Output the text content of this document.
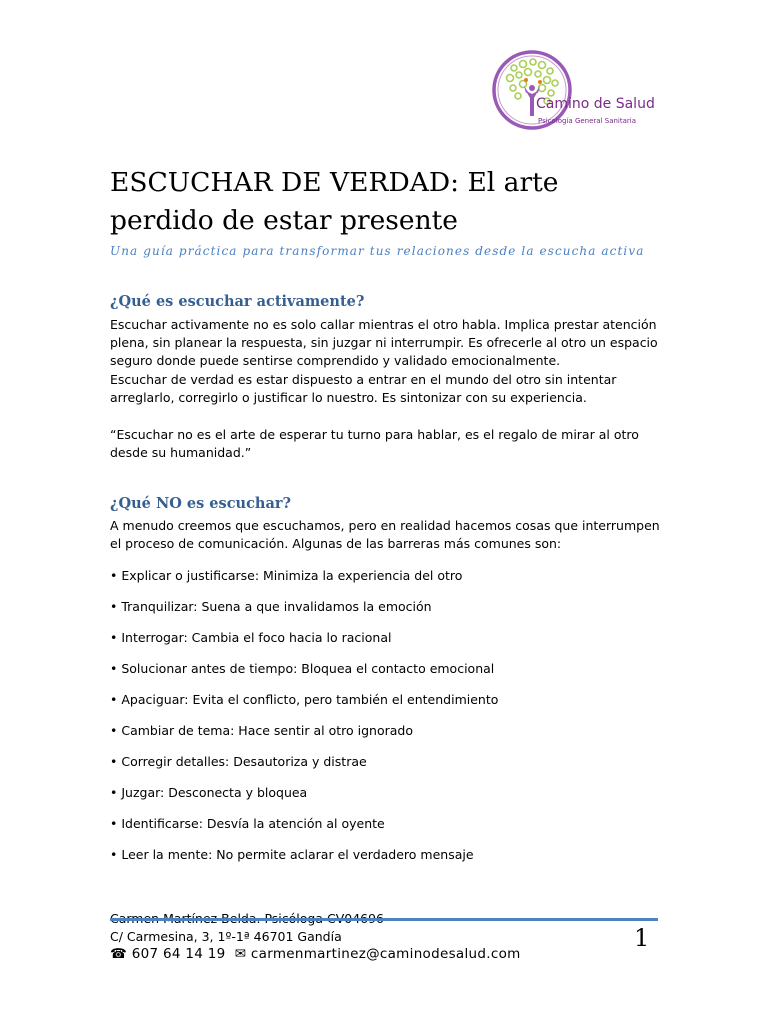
Camino de Salud
Psicología General Sanitaria
ESCUCHAR DE VERDAD: El arte perdido de estar presente

Una guía práctica para transformar tus relaciones desde la escucha activa

¿Qué es escuchar activamente?

Escuchar activamente no es solo callar mientras el otro habla. Implica prestar atención plena, sin planear la respuesta, sin juzgar ni interrumpir. Es ofrecerle al otro un espacio seguro donde puede sentirse comprendido y validado emocionalmente.

Escuchar de verdad es estar dispuesto a entrar en el mundo del otro sin intentar arreglarlo, corregirlo o justificar lo nuestro. Es sintonizar con su experiencia.

“Escuchar no es el arte de esperar tu turno para hablar, es el regalo de mirar al otro desde su humanidad.”

¿Qué NO es escuchar?

A menudo creemos que escuchamos, pero en realidad hacemos cosas que interrumpen el proceso de comunicación. Algunas de las barreras más comunes son:

• Explicar o justificarse: Minimiza la experiencia del otro
• Tranquilizar: Suena a que invalidamos la emoción
• Interrogar: Cambia el foco hacia lo racional
• Solucionar antes de tiempo: Bloquea el contacto emocional
• Apaciguar: Evita el conflicto, pero también el entendimiento
• Cambiar de tema: Hace sentir al otro ignorado
• Corregir detalles: Desautoriza y distrae
• Juzgar: Desconecta y bloquea
• Identificarse: Desvía la atención al oyente
• Leer la mente: No permite aclarar el verdadero mensaje
C/ Carmesina, 3, 1º-1ª 46701 Gandía
☎ 607 64 14 19 ✉ carmenmartinez@caminodesalud.com
1
